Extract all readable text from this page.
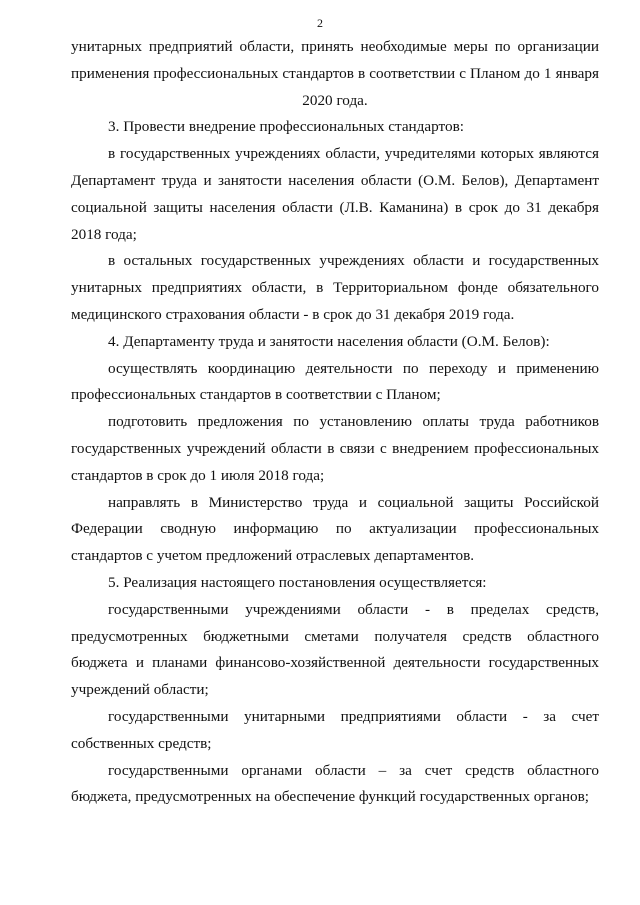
2

унитарных предприятий области, принять необходимые меры по организации применения профессиональных стандартов в соответствии с Планом до 1 января

2020 года.

3. Провести внедрение профессиональных стандартов:

в государственных учреждениях области, учредителями которых являются Департамент труда и занятости населения области (О.М. Белов), Департамент социальной защиты населения области (Л.В. Каманина) в срок до 31 декабря 2018 года;

в остальных государственных учреждениях области и государственных унитарных предприятиях области, в Территориальном фонде обязательного медицинского страхования области - в срок до 31 декабря 2019 года.

4. Департаменту труда и занятости населения области (О.М. Белов):

осуществлять координацию деятельности по переходу и применению профессиональных стандартов в соответствии с Планом;

подготовить предложения по установлению оплаты труда работников государственных учреждений области в связи с внедрением профессиональных стандартов в срок до 1 июля 2018 года;

направлять в Министерство труда и социальной защиты Российской Федерации сводную информацию по актуализации профессиональных стандартов с учетом предложений отраслевых департаментов.

5. Реализация настоящего постановления осуществляется:

государственными учреждениями области - в пределах средств, предусмотренных бюджетными сметами получателя средств областного бюджета и планами финансово-хозяйственной деятельности государственных учреждений области;

государственными унитарными предприятиями области - за счет собственных средств;

государственными органами области – за счет средств областного бюджета, предусмотренных на обеспечение функций государственных органов;
